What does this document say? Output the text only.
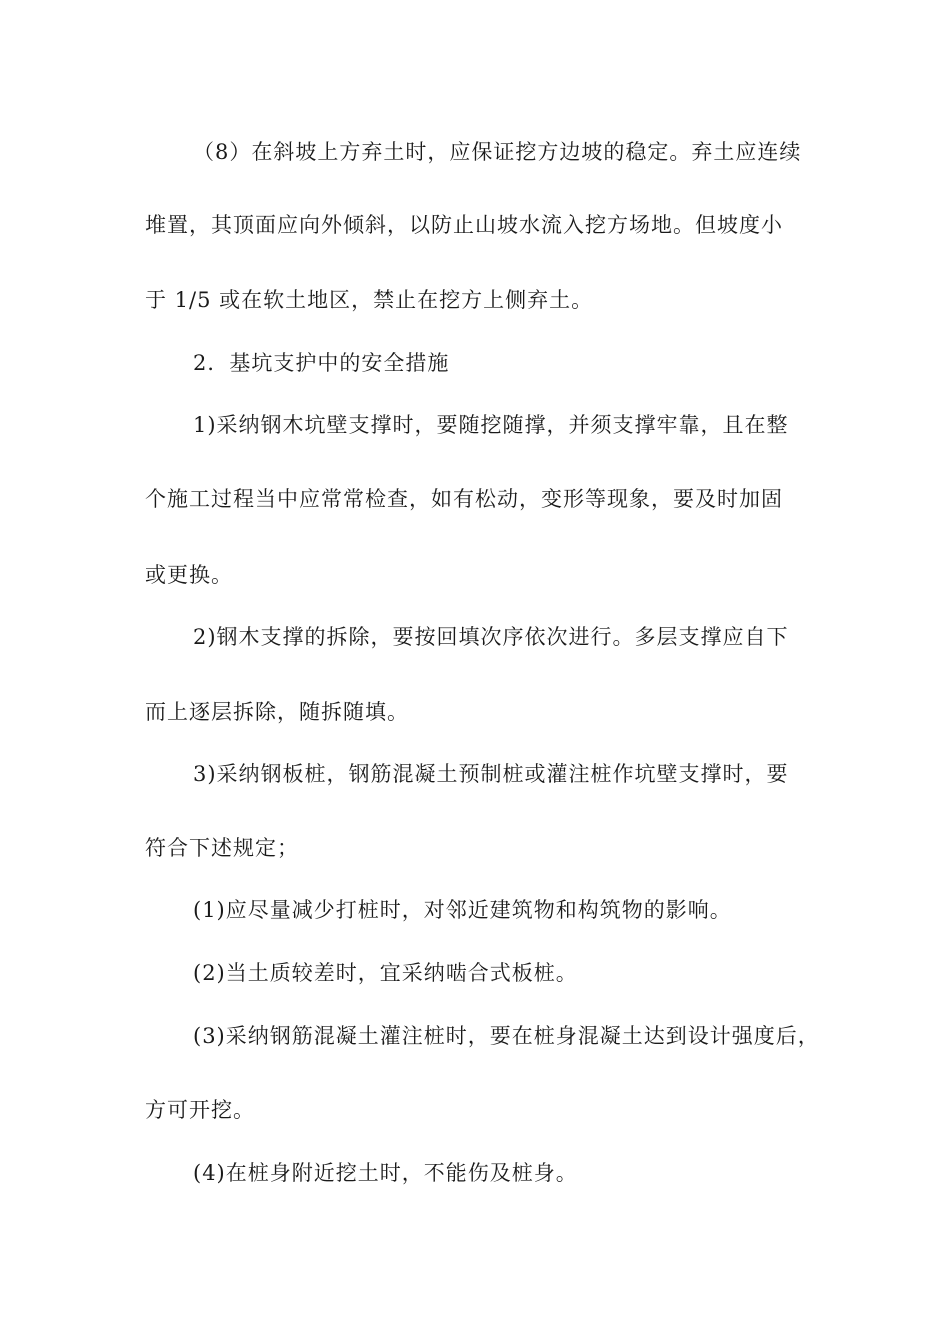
（8）在斜坡上方弃土时，应保证挖方边坡的稳定。弃土应连续
堆置，其顶面应向外倾斜，以防止山坡水流入挖方场地。但坡度小
于 1/5 或在软土地区，禁止在挖方上侧弃土。
2．基坑支护中的安全措施
1)采纳钢木坑壁支撑时，要随挖随撑，并须支撑牢靠，且在整
个施工过程当中应常常检查，如有松动，变形等现象，要及时加固
或更换。
2)钢木支撑的拆除，要按回填次序依次进行。多层支撑应自下
而上逐层拆除，随拆随填。
3)采纳钢板桩，钢筋混凝土预制桩或灌注桩作坑壁支撑时，要
符合下述规定；
(1)应尽量减少打桩时，对邻近建筑物和构筑物的影响。
(2)当土质较差时，宜采纳啮合式板桩。
(3)采纳钢筋混凝土灌注桩时，要在桩身混凝土达到设计强度后，
方可开挖。
(4)在桩身附近挖土时，不能伤及桩身。
